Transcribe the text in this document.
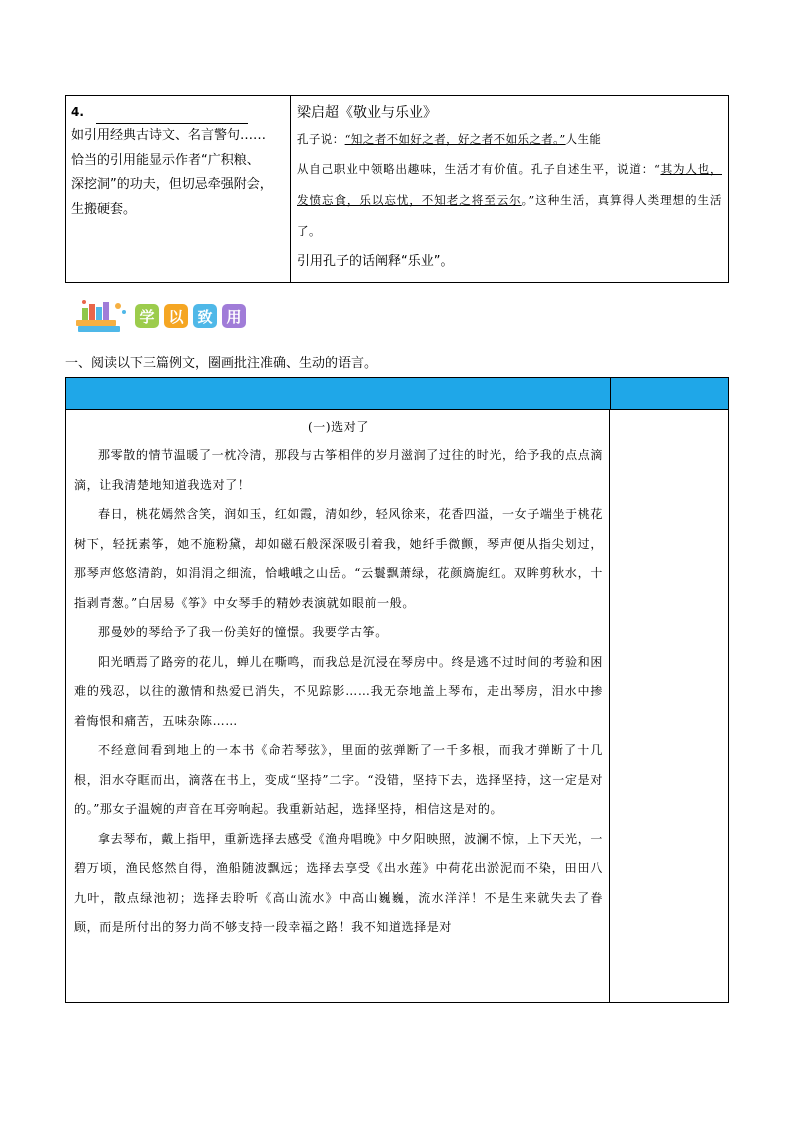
4.
如引用经典古诗文、名言警句……
恰当的引用能显示作者“广积粮、
深挖洞”的功夫，但切忌牵强附会，
生搬硬套。
梁启超《敬业与乐业》
孔子说：“知之者不如好之者，好之者不如乐之者。”人生能
从自己职业中领略出趣味，生活才有价值。孔子自述生平，说道：“其为人也，发愤忘食，乐以忘忧，不知老之将至云尔。”这种生活，真算得人类理想的生活了。
引用孔子的话阐释“乐业”。
学 以 致 用
一、阅读以下三篇例文，圈画批注准确、生动的语言。
(一)选对了

那零散的情节温暖了一枕冷清，那段与古筝相伴的岁月滋润了过往的时光，给予我的点点滴滴，让我清楚地知道我选对了！

春日，桃花嫣然含笑，润如玉，红如霞，清如纱，轻风徐来，花香四溢，一女子端坐于桃花树下，轻抚素筝，她不施粉黛，却如磁石般深深吸引着我，她纤手微颤，琴声便从指尖划过，那琴声悠悠清韵，如涓涓之细流，恰峨峨之山岳。“云鬟飘萧绿，花颜旖旎红。双眸剪秋水，十指剥青葱。”白居易《筝》中女琴手的精妙表演就如眼前一般。

那曼妙的琴给予了我一份美好的憧憬。我要学古筝。

阳光晒焉了路旁的花儿，蝉儿在嘶鸣，而我总是沉浸在琴房中。终是逃不过时间的考验和困难的残忍，以往的激情和热爱已消失，不见踪影……我无奈地盖上琴布，走出琴房，泪水中掺着悔恨和痛苦，五味杂陈……

不经意间看到地上的一本书《命若琴弦》，里面的弦弹断了一千多根，而我才弹断了十几根，泪水夺眶而出，滴落在书上，变成“坚持”二字。“没错，坚持下去，选择坚持，这一定是对的。”那女子温婉的声音在耳旁响起。我重新站起，选择坚持，相信这是对的。

拿去琴布，戴上指甲，重新选择去感受《渔舟唱晚》中夕阳映照，波澜不惊，上下天光，一碧万顷，渔民悠然自得，渔船随波飘远；选择去享受《出水莲》中荷花出淤泥而不染，田田八九叶，散点绿池初；选择去聆听《高山流水》中高山巍巍，流水洋洋！不是生来就失去了眷顾，而是所付出的努力尚不够支持一段幸福之路！我不知道选择是对
